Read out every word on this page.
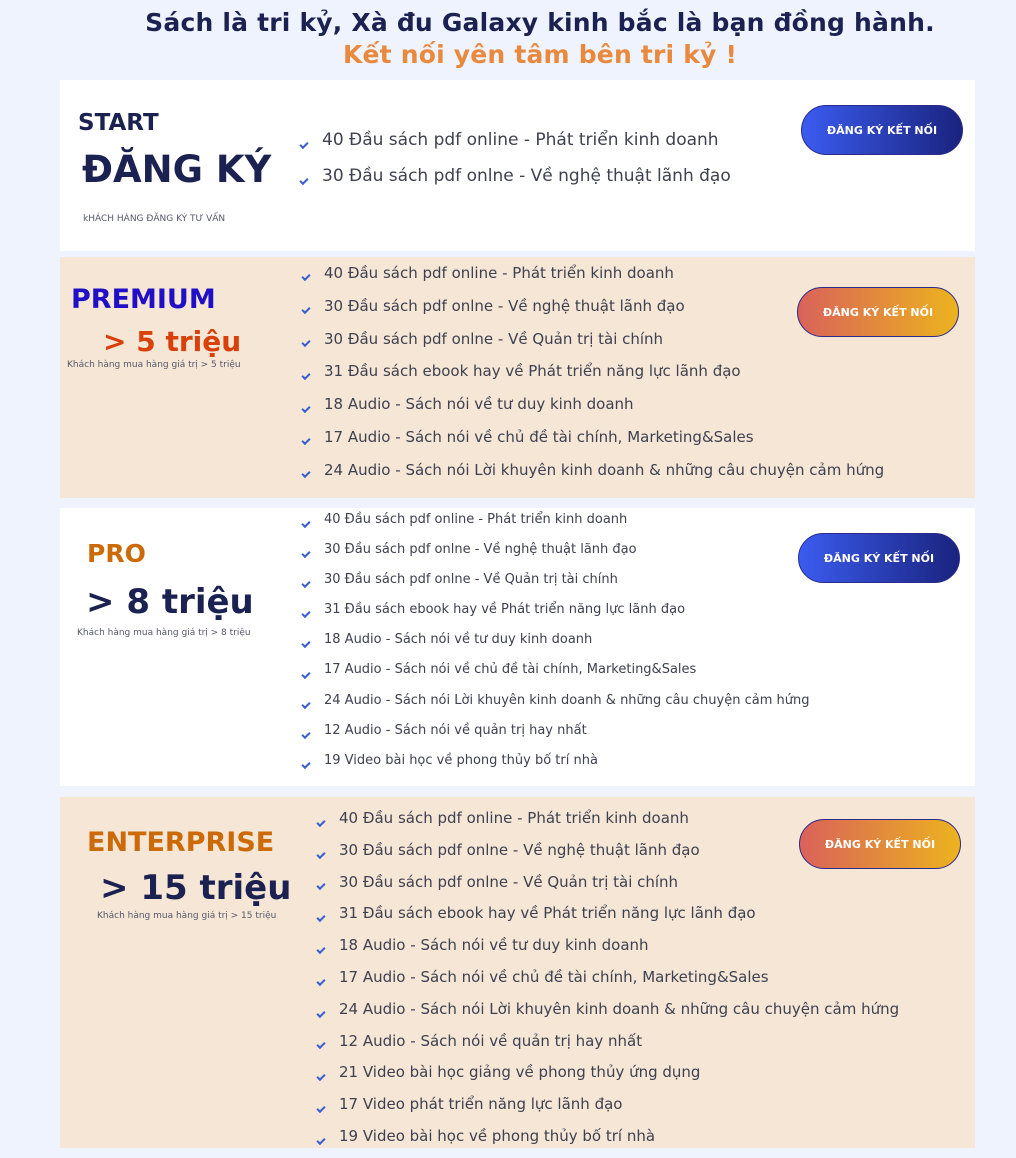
Sách là tri kỷ, Xà đu Galaxy kinh bắc là bạn đồng hành.
Kết nối yên tâm bên tri kỷ !
START
ĐĂNG KÝ
kHÁCH HÀNG ĐĂNG KÝ TƯ VẤN
40 Đầu sách pdf online - Phát triển kinh doanh
30 Đầu sách pdf onlne - Về nghệ thuật lãnh đạo
ĐĂNG KÝ KẾT NỐI
PREMIUM
> 5 triệu
Khách hàng mua hàng giá trị > 5 triệu
40 Đầu sách pdf online - Phát triển kinh doanh
30 Đầu sách pdf onlne - Về nghệ thuật lãnh đạo
30 Đầu sách pdf onlne - Về Quản trị tài chính
31 Đầu sách ebook hay về Phát triển năng lực lãnh đạo
18 Audio - Sách nói về tư duy kinh doanh
17 Audio - Sách nói về chủ đề tài chính, Marketing&Sales
24 Audio - Sách nói Lời khuyên kinh doanh & những câu chuyện cảm hứng
ĐĂNG KÝ KẾT NỐI
PRO
> 8 triệu
Khách hàng mua hàng giá trị > 8 triệu
40 Đầu sách pdf online - Phát triển kinh doanh
30 Đầu sách pdf onlne - Về nghệ thuật lãnh đạo
30 Đầu sách pdf onlne - Về Quản trị tài chính
31 Đầu sách ebook hay về Phát triển năng lực lãnh đạo
18 Audio - Sách nói về tư duy kinh doanh
17 Audio - Sách nói về chủ đề tài chính, Marketing&Sales
24 Audio - Sách nói Lời khuyên kinh doanh & những câu chuyện cảm hứng
12 Audio - Sách nói về quản trị hay nhất
19 Video bài học về phong thủy bố trí nhà
ĐĂNG KÝ KẾT NỐI
ENTERPRISE
> 15 triệu
Khách hàng mua hàng giá trị > 15 triệu
40 Đầu sách pdf online - Phát triển kinh doanh
30 Đầu sách pdf onlne - Về nghệ thuật lãnh đạo
30 Đầu sách pdf onlne - Về Quản trị tài chính
31 Đầu sách ebook hay về Phát triển năng lực lãnh đạo
18 Audio - Sách nói về tư duy kinh doanh
17 Audio - Sách nói về chủ đề tài chính, Marketing&Sales
24 Audio - Sách nói Lời khuyên kinh doanh & những câu chuyện cảm hứng
12 Audio - Sách nói về quản trị hay nhất
21 Video bài học giảng về phong thủy ứng dụng
17 Video phát triển năng lực lãnh đạo
19 Video bài học về phong thủy bố trí nhà
ĐĂNG KÝ KẾT NỐI
